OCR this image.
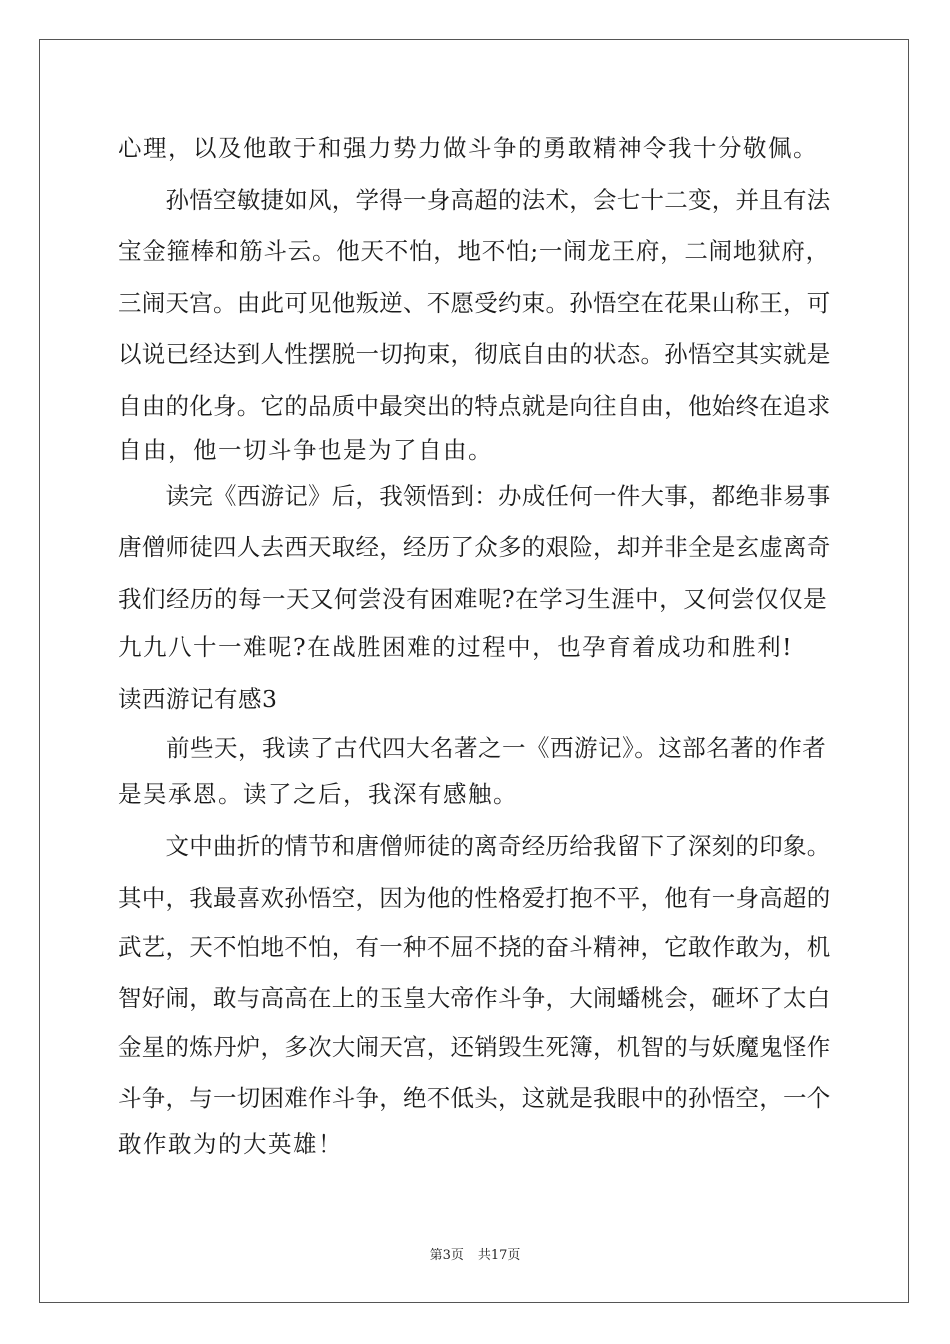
心理，以及他敢于和强力势力做斗争的勇敢精神令我十分敬佩。
　　孙悟空敏捷如风，学得一身高超的法术，会七十二变，并且有法
宝金箍棒和筋斗云。他天不怕，地不怕;一闹龙王府，二闹地狱府，
三闹天宫。由此可见他叛逆、不愿受约束。孙悟空在花果山称王，可
以说已经达到人性摆脱一切拘束，彻底自由的状态。孙悟空其实就是
自由的化身。它的品质中最突出的特点就是向往自由，他始终在追求
自由，他一切斗争也是为了自由。
　　读完《西游记》后，我领悟到：办成任何一件大事，都绝非易事
唐僧师徒四人去西天取经，经历了众多的艰险，却并非全是玄虚离奇
我们经历的每一天又何尝没有困难呢?在学习生涯中，又何尝仅仅是
九九八十一难呢?在战胜困难的过程中，也孕育着成功和胜利!
读西游记有感3
　　前些天，我读了古代四大名著之一《西游记》。这部名著的作者
是吴承恩。读了之后，我深有感触。
　　文中曲折的情节和唐僧师徒的离奇经历给我留下了深刻的印象。
其中，我最喜欢孙悟空，因为他的性格爱打抱不平，他有一身高超的
武艺，天不怕地不怕，有一种不屈不挠的奋斗精神，它敢作敢为，机
智好闹，敢与高高在上的玉皇大帝作斗争，大闹蟠桃会，砸坏了太白
金星的炼丹炉，多次大闹天宫，还销毁生死簿，机智的与妖魔鬼怪作
斗争，与一切困难作斗争，绝不低头，这就是我眼中的孙悟空，一个
敢作敢为的大英雄！
第3页 共17页
